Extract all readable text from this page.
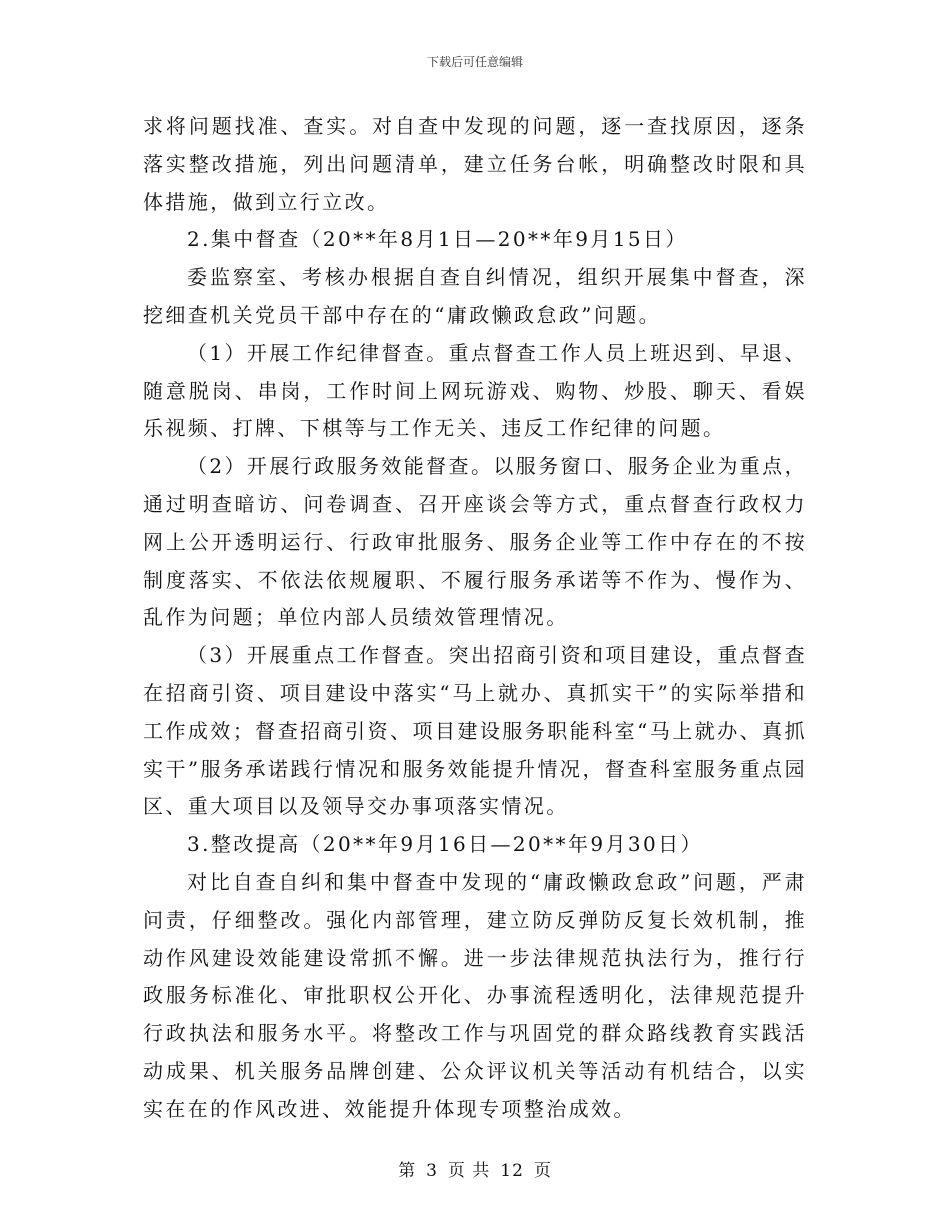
下载后可任意编辑

求将问题找准、查实。对自查中发现的问题，逐一查找原因，逐条落实整改措施，列出问题清单，建立任务台帐，明确整改时限和具体措施，做到立行立改。

2.集中督查（20**年8月1日—20**年9月15日）

委监察室、考核办根据自查自纠情况，组织开展集中督查，深挖细查机关党员干部中存在的“庸政懒政怠政”问题。

（1）开展工作纪律督查。重点督查工作人员上班迟到、早退、随意脱岗、串岗，工作时间上网玩游戏、购物、炒股、聊天、看娱乐视频、打牌、下棋等与工作无关、违反工作纪律的问题。

（2）开展行政服务效能督查。以服务窗口、服务企业为重点，通过明查暗访、问卷调查、召开座谈会等方式，重点督查行政权力网上公开透明运行、行政审批服务、服务企业等工作中存在的不按制度落实、不依法依规履职、不履行服务承诺等不作为、慢作为、乱作为问题；单位内部人员绩效管理情况。

（3）开展重点工作督查。突出招商引资和项目建设，重点督查在招商引资、项目建设中落实“马上就办、真抓实干”的实际举措和工作成效；督查招商引资、项目建设服务职能科室“马上就办、真抓实干”服务承诺践行情况和服务效能提升情况，督查科室服务重点园区、重大项目以及领导交办事项落实情况。

3.整改提高（20**年9月16日—20**年9月30日）

对比自查自纠和集中督查中发现的“庸政懒政怠政”问题，严肃问责，仔细整改。强化内部管理，建立防反弹防反复长效机制，推动作风建设效能建设常抓不懈。进一步法律规范执法行为，推行行政服务标准化、审批职权公开化、办事流程透明化，法律规范提升行政执法和服务水平。将整改工作与巩固党的群众路线教育实践活动成果、机关服务品牌创建、公众评议机关等活动有机结合，以实实在在的作风改进、效能提升体现专项整治成效。

第 3 页 共 12 页
